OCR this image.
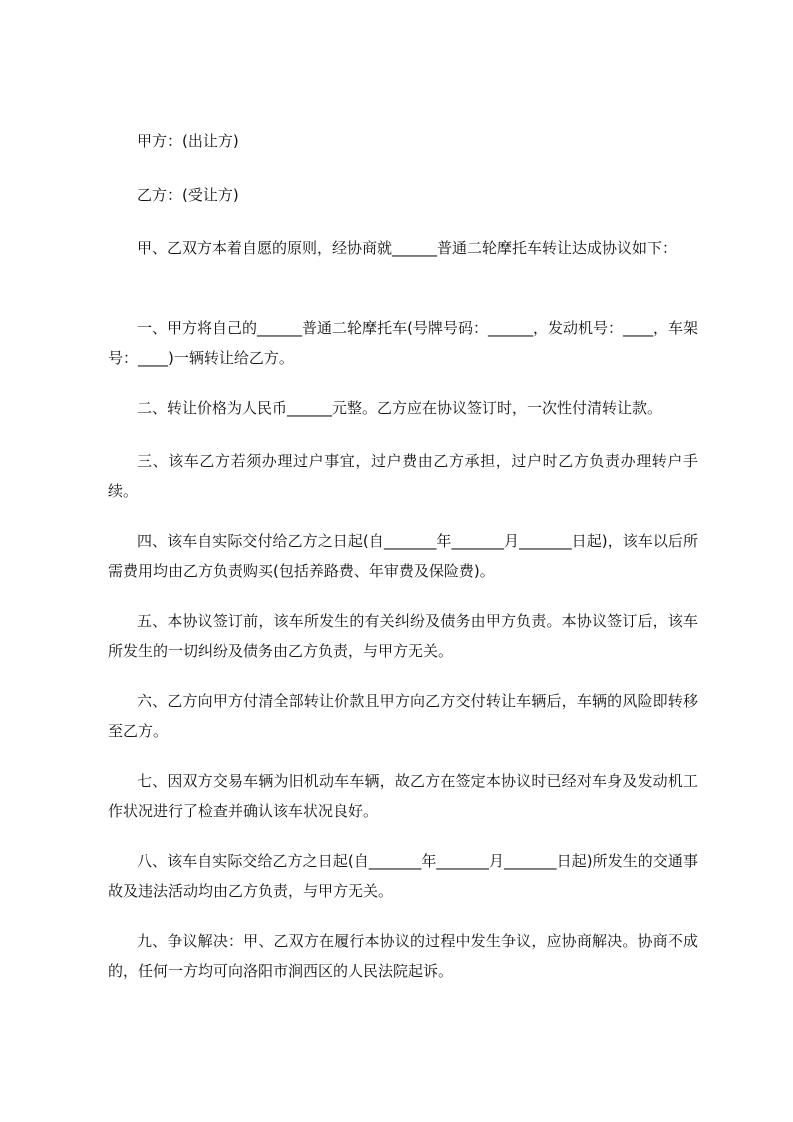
甲方：(出让方)
乙方：(受让方)

甲、乙双方本着自愿的原则，经协商就______普通二轮摩托车转让达成协议如下：

一、甲方将自己的______普通二轮摩托车(号牌号码：______，发动机号：____，车架号：____)一辆转让给乙方。

二、转让价格为人民币______元整。乙方应在协议签订时，一次性付清转让款。

三、该车乙方若须办理过户事宜，过户费由乙方承担，过户时乙方负责办理转户手续。

四、该车自实际交付给乙方之日起(自_______年_______月_______日起)，该车以后所需费用均由乙方负责购买(包括养路费、年审费及保险费)。

五、本协议签订前，该车所发生的有关纠纷及债务由甲方负责。本协议签订后，该车所发生的一切纠纷及债务由乙方负责，与甲方无关。

六、乙方向甲方付清全部转让价款且甲方向乙方交付转让车辆后，车辆的风险即转移至乙方。

七、因双方交易车辆为旧机动车车辆，故乙方在签定本协议时已经对车身及发动机工作状况进行了检查并确认该车状况良好。

八、该车自实际交给乙方之日起(自_______年_______月_______日起)所发生的交通事故及违法活动均由乙方负责，与甲方无关。

九、争议解决：甲、乙双方在履行本协议的过程中发生争议，应协商解决。协商不成的，任何一方均可向洛阳市涧西区的人民法院起诉。
